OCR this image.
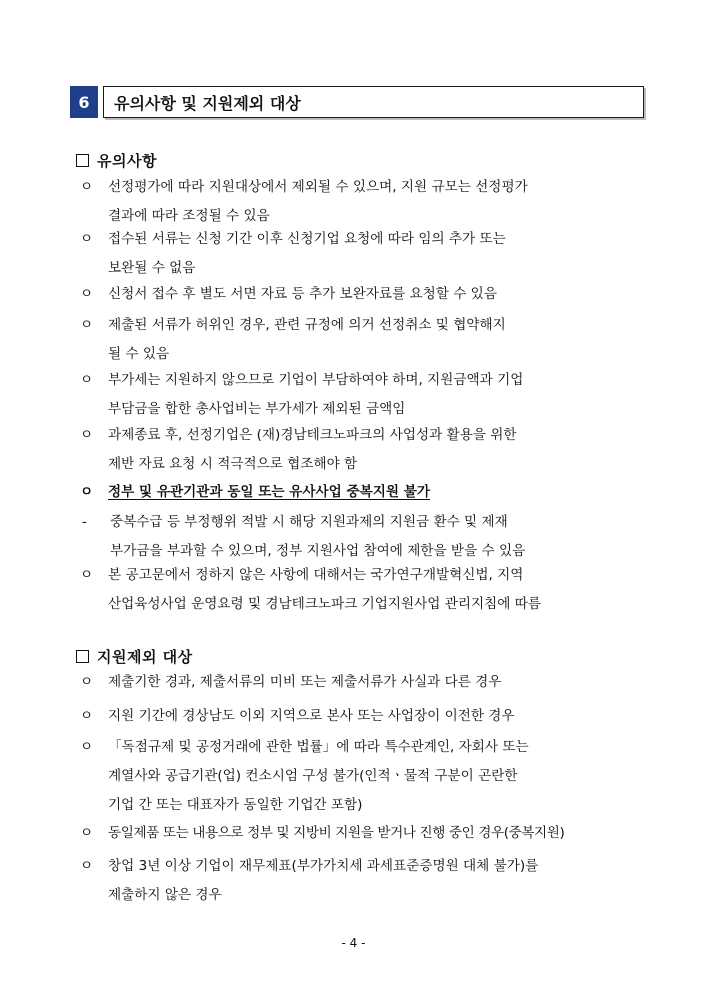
6	유의사항 및 지원제외 대상
유의사항
ㅇ	선정평가에 따라 지원대상에서 제외될 수 있으며, 지원 규모는 선정평가
결과에 따라 조정될 수 있음
ㅇ	접수된 서류는 신청 기간 이후 신청기업 요청에 따라 임의 추가 또는
보완될 수 없음
ㅇ	신청서 접수 후 별도 서면 자료 등 추가 보완자료를 요청할 수 있음
ㅇ	제출된 서류가 허위인 경우, 관련 규정에 의거 선정취소 및 협약해지
될 수 있음
ㅇ	부가세는 지원하지 않으므로 기업이 부담하여야 하며, 지원금액과 기업
부담금을 합한 총사업비는 부가세가 제외된 금액임
ㅇ	과제종료 후, 선정기업은 (재)경남테크노파크의 사업성과 활용을 위한
제반 자료 요청 시 적극적으로 협조해야 함
ㅇ	정부 및 유관기관과 동일 또는 유사사업 중복지원 불가
-	중복수급 등 부정행위 적발 시 해당 지원과제의 지원금 환수 및 제재
부가금을 부과할 수 있으며, 정부 지원사업 참여에 제한을 받을 수 있음
ㅇ	본 공고문에서 정하지 않은 사항에 대해서는 국가연구개발혁신법, 지역
산업육성사업 운영요령 및 경남테크노파크 기업지원사업 관리지침에 따름
지원제외 대상
ㅇ	제출기한 경과, 제출서류의 미비 또는 제출서류가 사실과 다른 경우
ㅇ	지원 기간에 경상남도 이외 지역으로 본사 또는 사업장이 이전한 경우
ㅇ	「독점규제 및 공정거래에 관한 법률」에 따라 특수관계인, 자회사 또는
계열사와 공급기관(업) 컨소시엄 구성 불가(인적ㆍ물적 구분이 곤란한
기업 간 또는 대표자가 동일한 기업간 포함)
ㅇ	동일제품 또는 내용으로 정부 및 지방비 지원을 받거나 진행 중인 경우(중복지원)
ㅇ	창업 3년 이상 기업이 재무제표(부가가치세 과세표준증명원 대체 불가)를
제출하지 않은 경우
- 4 -
